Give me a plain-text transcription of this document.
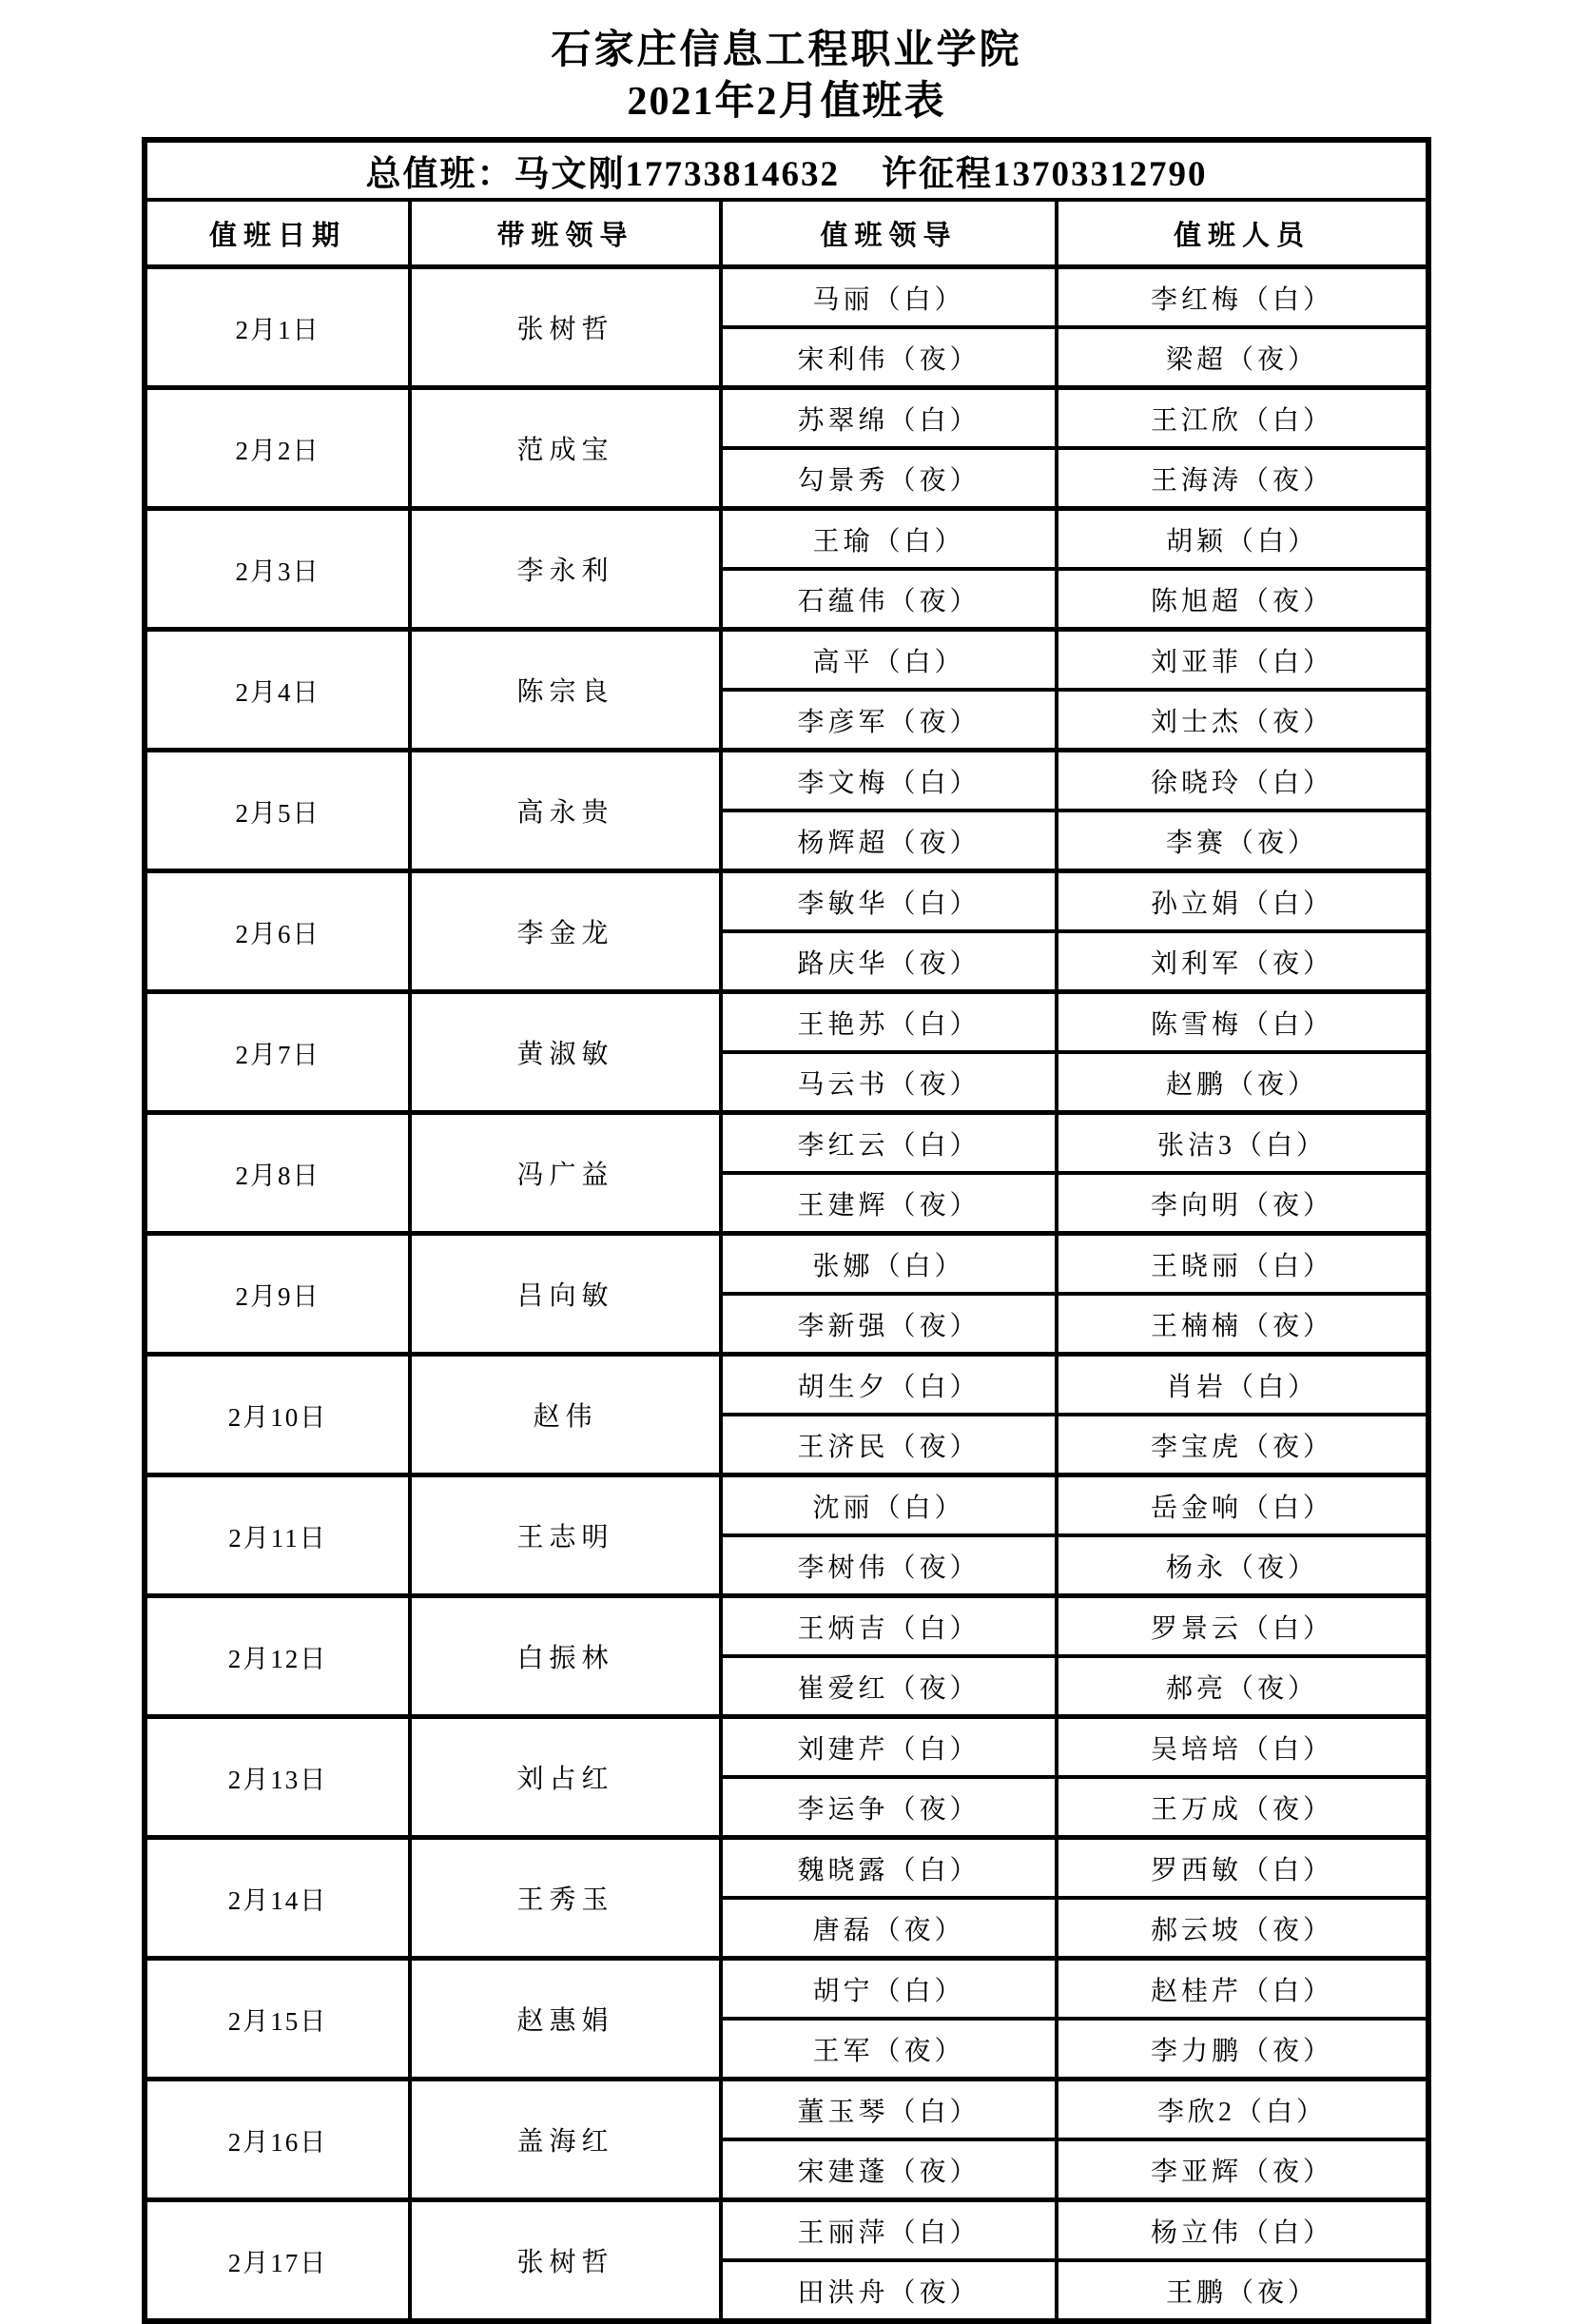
石家庄信息工程职业学院
2021年2月值班表
总值班：马文刚17733814632 许征程13703312790			
值班日期	带班领导	值班领导	值班人员
2月1日	张树哲	马丽（白）	李红梅（白）
		宋利伟（夜）	梁超（夜）
2月2日	范成宝	苏翠绵（白）	王江欣（白）
		勾景秀（夜）	王海涛（夜）
2月3日	李永利	王瑜（白）	胡颖（白）
		石蕴伟（夜）	陈旭超（夜）
2月4日	陈宗良	高平（白）	刘亚菲（白）
		李彦军（夜）	刘士杰（夜）
2月5日	高永贵	李文梅（白）	徐晓玲（白）
		杨辉超（夜）	李赛（夜）
2月6日	李金龙	李敏华（白）	孙立娟（白）
		路庆华（夜）	刘利军（夜）
2月7日	黄淑敏	王艳苏（白）	陈雪梅（白）
		马云书（夜）	赵鹏（夜）
2月8日	冯广益	李红云（白）	张洁3（白）
		王建辉（夜）	李向明（夜）
2月9日	吕向敏	张娜（白）	王晓丽（白）
		李新强（夜）	王楠楠（夜）
2月10日	赵伟	胡生夕（白）	肖岩（白）
		王济民（夜）	李宝虎（夜）
2月11日	王志明	沈丽（白）	岳金响（白）
		李树伟（夜）	杨永（夜）
2月12日	白振林	王炳吉（白）	罗景云（白）
		崔爱红（夜）	郝亮（夜）
2月13日	刘占红	刘建芹（白）	吴培培（白）
		李运争（夜）	王万成（夜）
2月14日	王秀玉	魏晓露（白）	罗西敏（白）
		唐磊（夜）	郝云坡（夜）
2月15日	赵惠娟	胡宁（白）	赵桂芹（白）
		王军（夜）	李力鹏（夜）
2月16日	盖海红	董玉琴（白）	李欣2（白）
		宋建蓬（夜）	李亚辉（夜）
2月17日	张树哲	王丽萍（白）	杨立伟（白）
		田洪舟（夜）	王鹏（夜）
